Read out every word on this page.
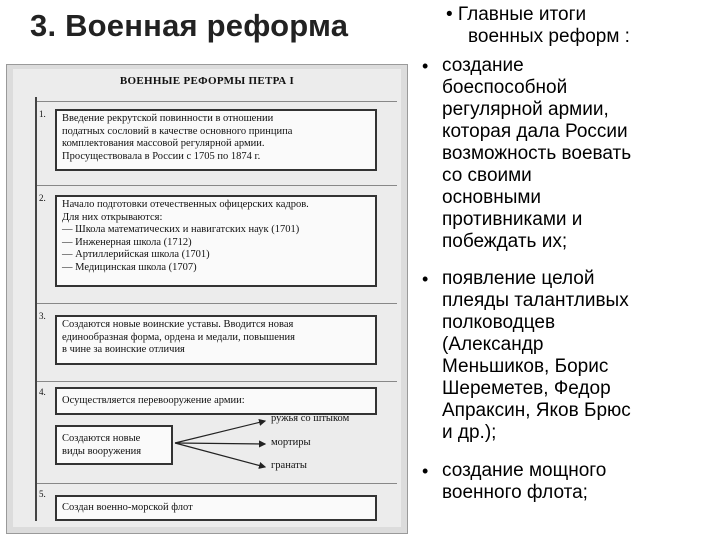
3. Военная реформа
ВОЕННЫЕ РЕФОРМЫ ПЕТРА I
1. Введение рекрутской повинности в отношении
податных сословий в качестве основного принципа
комплектования массовой регулярной армии.
Просуществовала в России с 1705 по 1874 г.
2.
Начало подготовки отечественных офицерских кадров.
Для них открываются:
— Школа математических и навигатских наук (1701)
— Инженерная школа (1712)
— Артиллерийская школа (1701)
— Медицинская школа (1707)
3.
Создаются новые воинские уставы. Вводится новая
единообразная форма, ордена и медали, повышения
в чине за воинские отличия
4.
Осуществляется перевооружение армии:
Создаются новые
виды вооружения
ружья со штыком
мортиры
гранаты
5.
Создан военно-морской флот
• Главные итоги
военных реформ :
• создание
боеспособной
регулярной армии,
которая дала России
возможность воевать
со своими
основными
противниками и
побеждать их;
• появление целой
плеяды талантливых
полководцев
(Александр
Меньшиков, Борис
Шереметев, Федор
Апраксин, Яков Брюс
и др.);
• создание мощного
военного флота;
